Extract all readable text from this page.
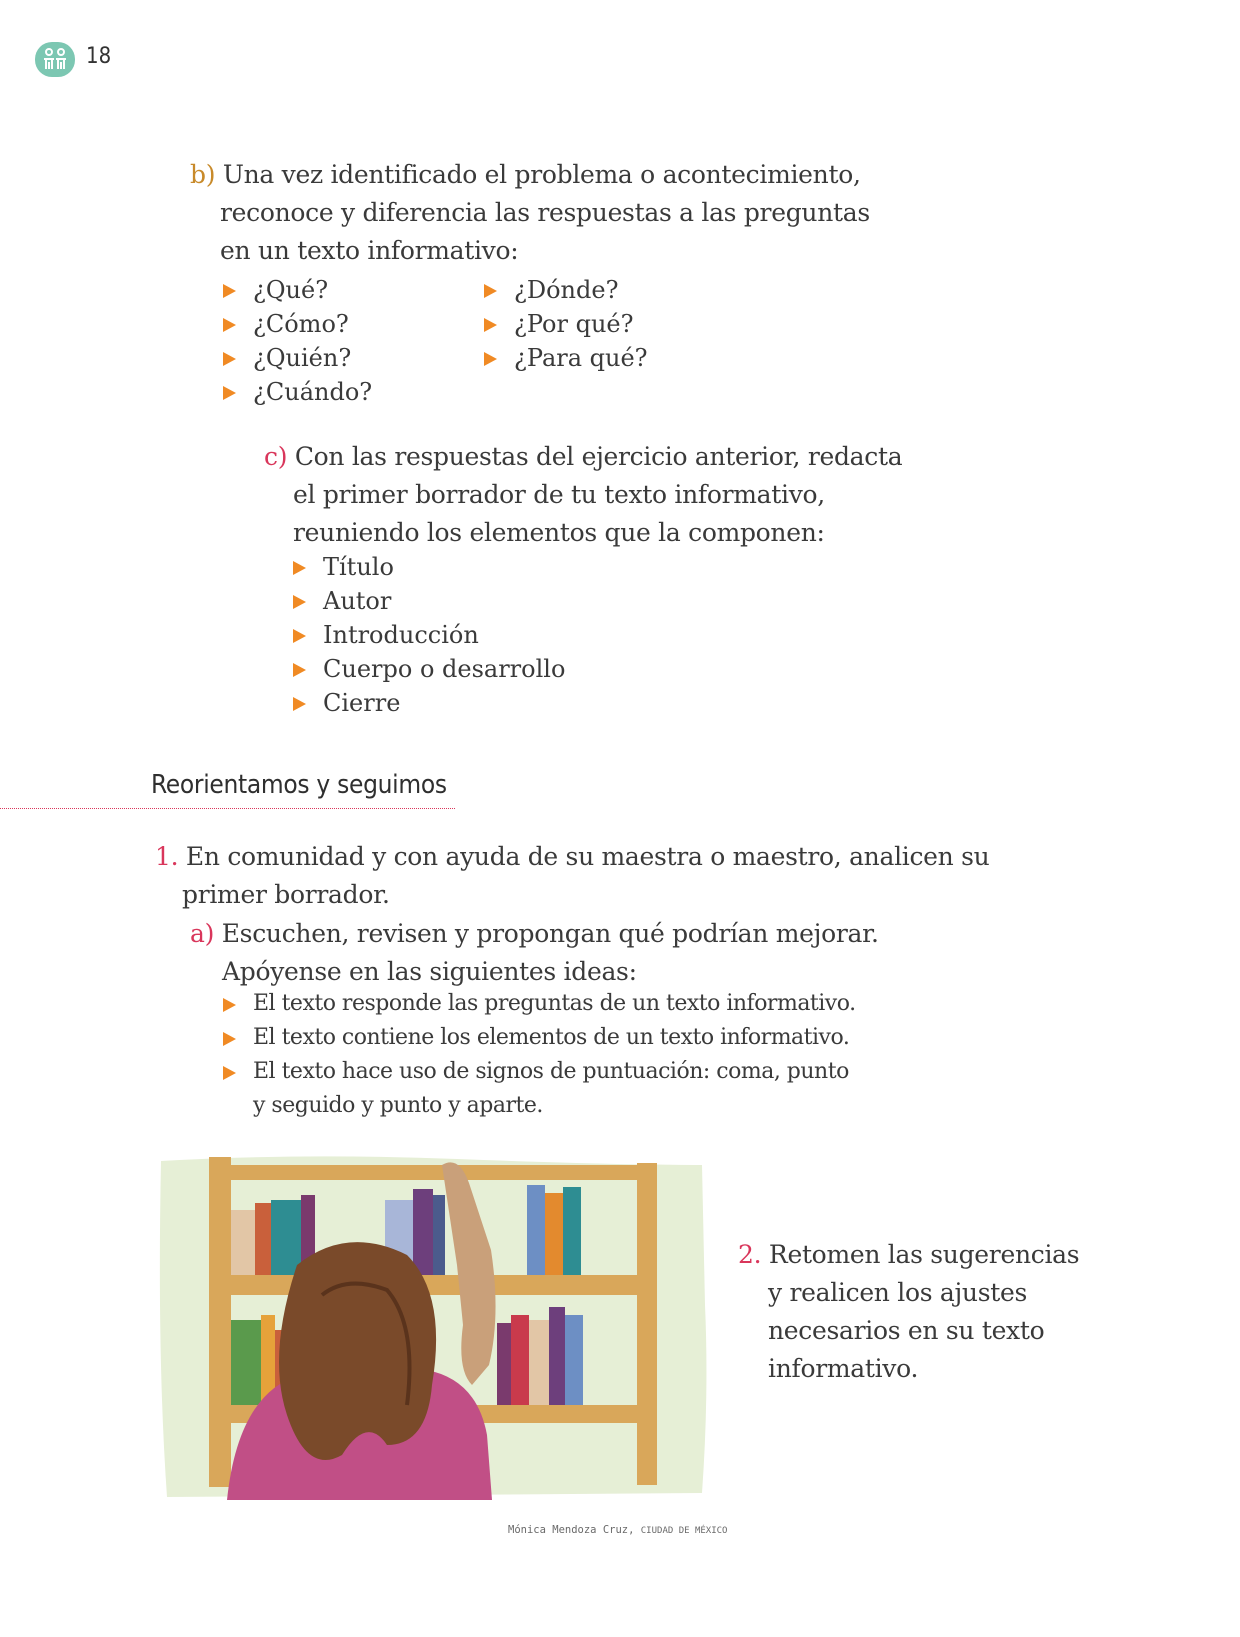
18
b) Una vez identificado el problema o acontecimiento,
reconoce y diferencia las respuestas a las preguntas
en un texto informativo:
¿Qué?
¿Cómo?
¿Quién?
¿Cuándo?
¿Dónde?
¿Por qué?
¿Para qué?
c) Con las respuestas del ejercicio anterior, redacta
el primer borrador de tu texto informativo,
reuniendo los elementos que la componen:
Título
Autor
Introducción
Cuerpo o desarrollo
Cierre
Reorientamos y seguimos
1. En comunidad y con ayuda de su maestra o maestro, analicen su
primer borrador.
a) Escuchen, revisen y propongan qué podrían mejorar.
Apóyense en las siguientes ideas:
El texto responde las preguntas de un texto informativo.
El texto contiene los elementos de un texto informativo.
El texto hace uso de signos de puntuación: coma, punto
y seguido y punto y aparte.
2. Retomen las sugerencias
y realicen los ajustes
necesarios en su texto
informativo.
Mónica Mendoza Cruz, CIUDAD DE MÉXICO
